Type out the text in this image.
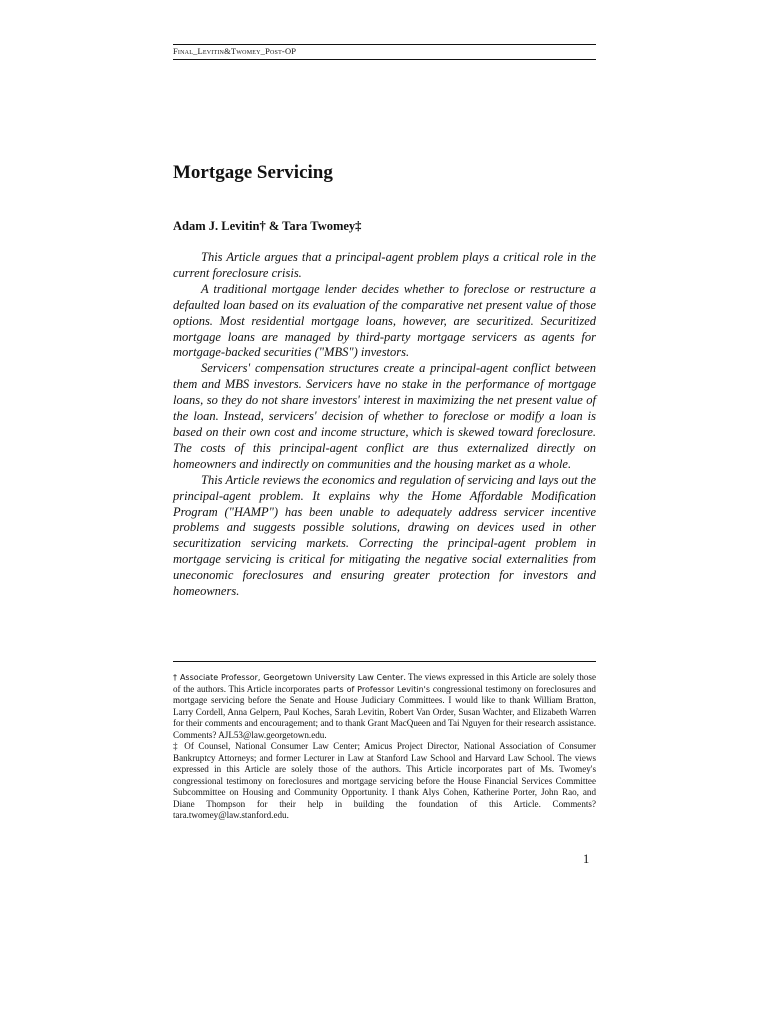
Final_Levitin&Twomey_Post-OP
Mortgage Servicing
Adam J. Levitin† & Tara Twomey‡

This Article argues that a principal-agent problem plays a critical role in the current foreclosure crisis.

A traditional mortgage lender decides whether to foreclose or restructure a defaulted loan based on its evaluation of the comparative net present value of those options. Most residential mortgage loans, however, are securitized. Securitized mortgage loans are managed by third-party mortgage servicers as agents for mortgage-backed securities ("MBS") investors.

Servicers' compensation structures create a principal-agent conflict between them and MBS investors. Servicers have no stake in the performance of mortgage loans, so they do not share investors' interest in maximizing the net present value of the loan. Instead, servicers' decision of whether to foreclose or modify a loan is based on their own cost and income structure, which is skewed toward foreclosure. The costs of this principal-agent conflict are thus externalized directly on homeowners and indirectly on communities and the housing market as a whole.

This Article reviews the economics and regulation of servicing and lays out the principal-agent problem. It explains why the Home Affordable Modification Program ("HAMP") has been unable to adequately address servicer incentive problems and suggests possible solutions, drawing on devices used in other securitization servicing markets. Correcting the principal-agent problem in mortgage servicing is critical for mitigating the negative social externalities from uneconomic foreclosures and ensuring greater protection for investors and homeowners.

† Associate Professor, Georgetown University Law Center. The views expressed in this Article are solely those of the authors. This Article incorporates parts of Professor Levitin's congressional testimony on foreclosures and mortgage servicing before the Senate and House Judiciary Committees. I would like to thank William Bratton, Larry Cordell, Anna Gelpern, Paul Koches, Sarah Levitin, Robert Van Order, Susan Wachter, and Elizabeth Warren for their comments and encouragement; and to thank Grant MacQueen and Tai Nguyen for their research assistance. Comments? AJL53@law.georgetown.edu.

‡ Of Counsel, National Consumer Law Center; Amicus Project Director, National Association of Consumer Bankruptcy Attorneys; and former Lecturer in Law at Stanford Law School and Harvard Law School. The views expressed in this Article are solely those of the authors. This Article incorporates part of Ms. Twomey's congressional testimony on foreclosures and mortgage servicing before the House Financial Services Committee Subcommittee on Housing and Community Opportunity. I thank Alys Cohen, Katherine Porter, John Rao, and Diane Thompson for their help in building the foundation of this Article. Comments? tara.twomey@law.stanford.edu.

1
